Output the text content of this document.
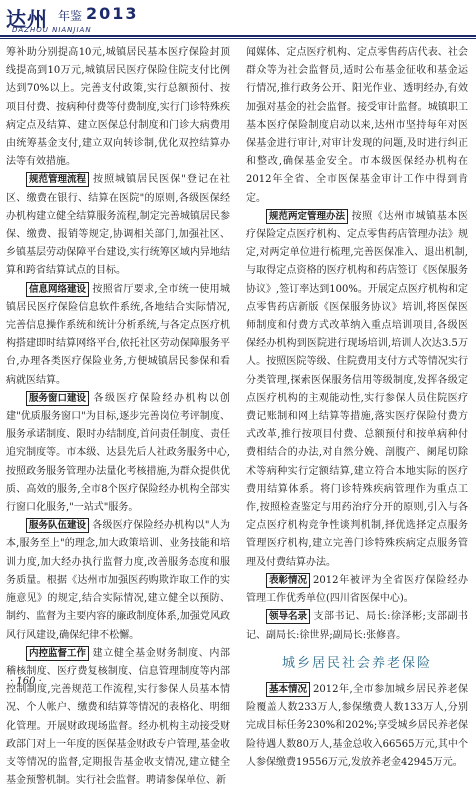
达州 年鉴 2013
DAZHOU NIANJIAN

筹补助分别提高10元,城镇居民基本医疗保险封顶线提高到10万元,城镇居民医疗保险住院支付比例达到70%以上。完善支付政策,实行总额预付、按项目付费、按病种付费等付费制度,实行门诊特殊疾病定点及结算、建立医保总付制度和门诊大病费用由统筹基金支付,建立双向转诊制,优化双控结算办法等有效措施。

规范管理流程 按照城镇居民医保"登记在社区、缴费在银行、结算在医院"的原则,各级医保经办机构建立健全结算服务流程,制定完善城镇居民参保、缴费、报销等规定,协调相关部门,加强社区、乡镇基层劳动保障平台建设,实行统筹区域内异地结算和跨省结算试点的目标。

信息网络建设 按照省厅要求,全市统一使用城镇居民医疗保险信息软件系统,各地结合实际情况,完善信息操作系统和统计分析系统,与各定点医疗机构搭建即时结算网络平台,依托社区劳动保障服务平台,办理各类医疗保险业务,方便城镇居民参保和看病就医结算。

服务窗口建设 各级医疗保险经办机构以创建"优质服务窗口"为目标,逐步完善岗位考评制度、服务承诺制度、限时办结制度,首问责任制度、责任追究制度等。市本级、达县先后人社政务服务中心,按照政务服务管理办法量化考核措施,为群众提供优质、高效的服务,全市8个医疗保险经办机构全部实行窗口化服务,"一站式"服务。

服务队伍建设 各级医疗保险经办机构以"人为本,服务至上"的理念,加大政策培训、业务技能和培训力度,加大经办执行监督力度,改善服务态度和服务质量。根据《达州市加强医药购欺诈取工作的实施意见》的规定,结合实际情况,建立健全以预防、制约、监督为主要内容的廉政制度体系,加强党风政风行风建设,确保纪律不松懈。

内控监督工作 建立健全基金财务制度、内部稽核制度、医疗费复核制度、信息管理制度等内部控制制度,完善规范工作流程,实行参保人员基本情况、个人帐户、缴费和结算等情况的表格化、明细化管理。开展财政现场监督。经办机构主动接受财政部门对上一年度的医保基金财政专户管理,基金收支等情况的监督,定期报告基金收支情况,建立健全基金预警机制。实行社会监督。聘请参保单位、新

闻媒体、定点医疗机构、定点零售药店代表、社会群众等为社会监督员,适时公布基金征收和基金运行情况,推行政务公开、阳光作业、透明经办,有效加强对基金的社会监督。接受审计监督。城镇职工基本医疗保险制度启动以来,达州市坚持每年对医保基金进行审计,对审计发现的问题,及时进行纠正和整改,确保基金安全。市本级医保经办机构在2012年全省、全市医保基金审计工作中得到肯定。

规范两定管理办法 按照《达州市城镇基本医疗保险定点医疗机构、定点零售药店管理办法》规定,对两定单位进行梳理,完善医保准入、退出机制,与取得定点资格的医疗机构和药店签订《医保服务协议》,签订率达到100%。开展定点医疗机构和定点零售药店新版《医保服务协议》培训,将医保医师制度和付费方式改革纳入重点培训项目,各级医保经办机构到医院进行现场培训,培训人次达3.5万人。按照医院等级、住院费用支付方式等情况实行分类管理,探索医保服务信用等级制度,发挥各级定点医疗机构的主观能动性,实行参保人员住院医疗费记账制和网上结算等措施,落实医疗保险付费方式改革,推行按项目付费、总额预付和按单病种付费相结合的办法,对自然分娩、剖腹产、阑尾切除术等病种实行定额结算,建立符合本地实际的医疗费用结算体系。将门诊特殊疾病管理作为重点工作,按照检查鉴定与用药治疗分开的原则,引入与各定点医疗机构竞争性谈判机制,择优选择定点服务管理医疗机构,建立完善门诊特殊疾病定点服务管理及付费结算办法。

表彰情况 2012年被评为全省医疗保险经办管理工作优秀单位(四川省医保中心)。

领导名录 支部书记、局长:徐泽彬;支部副书记、副局长:徐世界;副局长:张修喜。

城乡居民社会养老保险

基本情况 2012年,全市参加城乡居民养老保险覆盖人数233万人,参保缴费人数133万人,分别完成目标任务230%和202%;享受城乡居民养老保险待遇人数80万人,基金总收入66565万元,其中个人参保缴费19556万元,发放养老金42945万元。

· 160 ·
